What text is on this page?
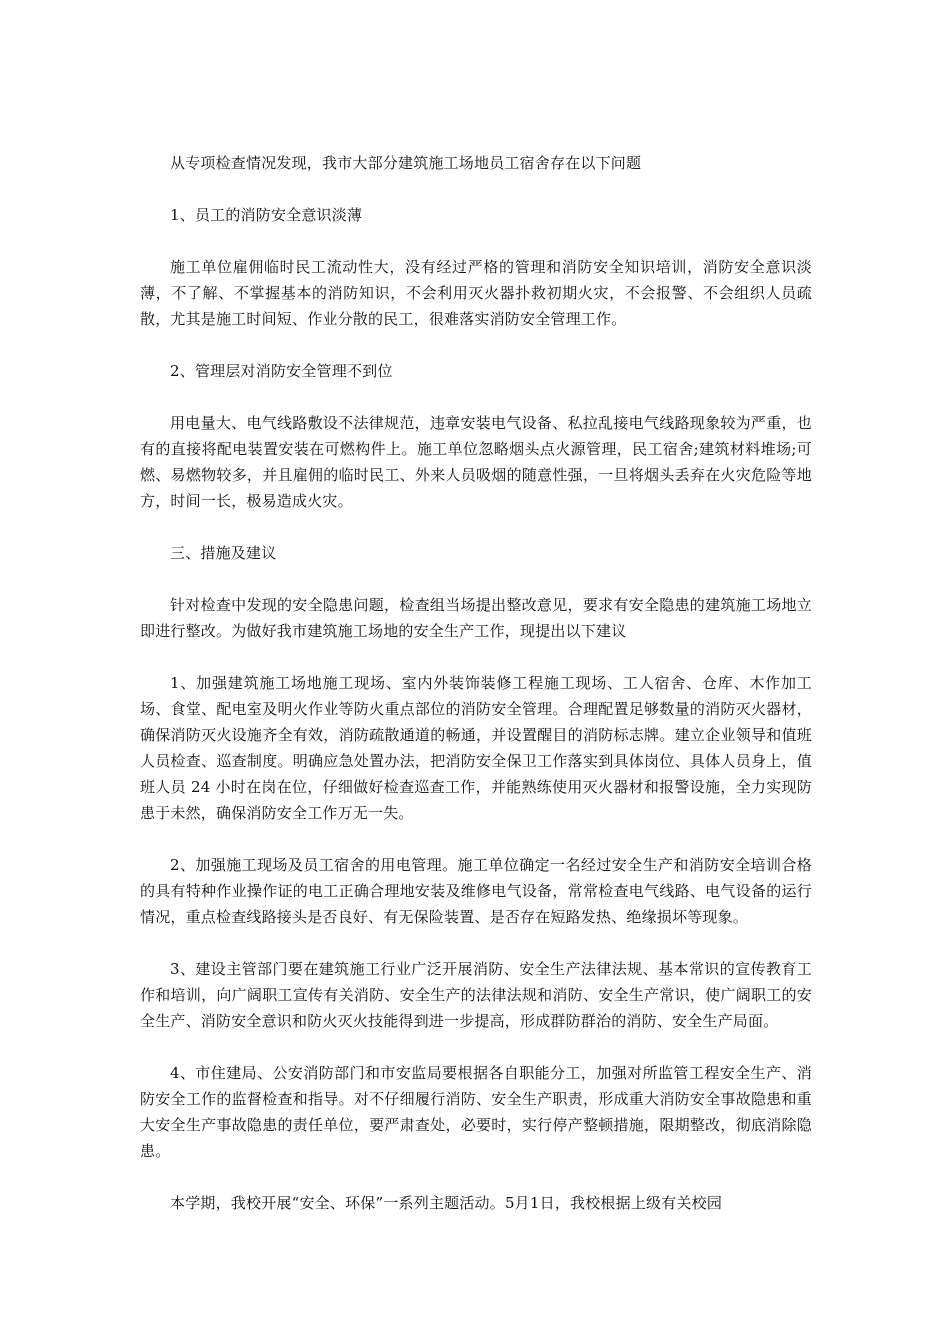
从专项检查情况发现，我市大部分建筑施工场地员工宿舍存在以下问题

1、员工的消防安全意识淡薄

施工单位雇佣临时民工流动性大，没有经过严格的管理和消防安全知识培训，消防安全意识淡薄，不了解、不掌握基本的消防知识，不会利用灭火器扑救初期火灾，不会报警、不会组织人员疏散，尤其是施工时间短、作业分散的民工，很难落实消防安全管理工作。

2、管理层对消防安全管理不到位

用电量大、电气线路敷设不法律规范，违章安装电气设备、私拉乱接电气线路现象较为严重，也有的直接将配电装置安装在可燃构件上。施工单位忽略烟头点火源管理，民工宿舍;建筑材料堆场;可燃、易燃物较多，并且雇佣的临时民工、外来人员吸烟的随意性强，一旦将烟头丢弃在火灾危险等地方，时间一长，极易造成火灾。

三、措施及建议

针对检查中发现的安全隐患问题，检查组当场提出整改意见，要求有安全隐患的建筑施工场地立即进行整改。为做好我市建筑施工场地的安全生产工作，现提出以下建议

1、加强建筑施工场地施工现场、室内外装饰装修工程施工现场、工人宿舍、仓库、木作加工场、食堂、配电室及明火作业等防火重点部位的消防安全管理。合理配置足够数量的消防灭火器材，确保消防灭火设施齐全有效，消防疏散通道的畅通，并设置醒目的消防标志牌。建立企业领导和值班人员检查、巡查制度。明确应急处置办法，把消防安全保卫工作落实到具体岗位、具体人员身上，值班人员 24 小时在岗在位，仔细做好检查巡查工作，并能熟练使用灭火器材和报警设施，全力实现防患于未然，确保消防安全工作万无一失。

2、加强施工现场及员工宿舍的用电管理。施工单位确定一名经过安全生产和消防安全培训合格的具有特种作业操作证的电工正确合理地安装及维修电气设备，常常检查电气线路、电气设备的运行情况，重点检查线路接头是否良好、有无保险装置、是否存在短路发热、绝缘损坏等现象。

3、建设主管部门要在建筑施工行业广泛开展消防、安全生产法律法规、基本常识的宣传教育工作和培训，向广阔职工宣传有关消防、安全生产的法律法规和消防、安全生产常识，使广阔职工的安全生产、消防安全意识和防火灭火技能得到进一步提高，形成群防群治的消防、安全生产局面。

4、市住建局、公安消防部门和市安监局要根据各自职能分工，加强对所监管工程安全生产、消防安全工作的监督检查和指导。对不仔细履行消防、安全生产职责，形成重大消防安全事故隐患和重大安全生产事故隐患的责任单位，要严肃查处，必要时，实行停产整顿措施，限期整改，彻底消除隐患。

本学期，我校开展“安全、环保”一系列主题活动。5月1日，我校根据上级有关校园
